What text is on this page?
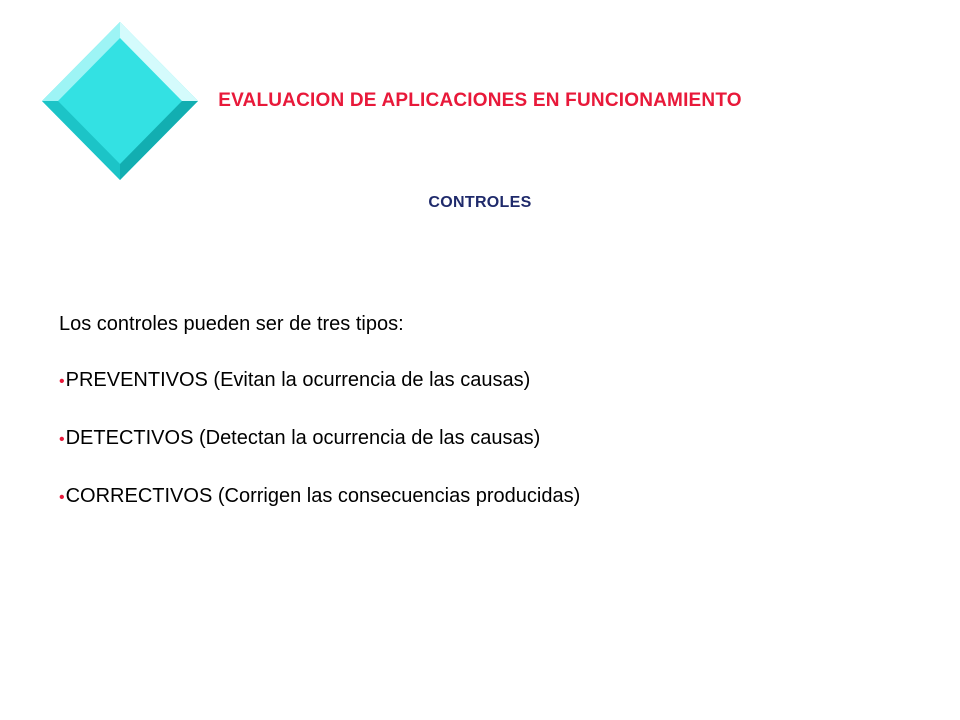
EVALUACION DE APLICACIONES EN FUNCIONAMIENTO
CONTROLES

Los controles pueden ser de tres tipos:

•PREVENTIVOS (Evitan la ocurrencia de las causas)

•DETECTIVOS (Detectan la ocurrencia de las causas)

•CORRECTIVOS (Corrigen las consecuencias producidas)
